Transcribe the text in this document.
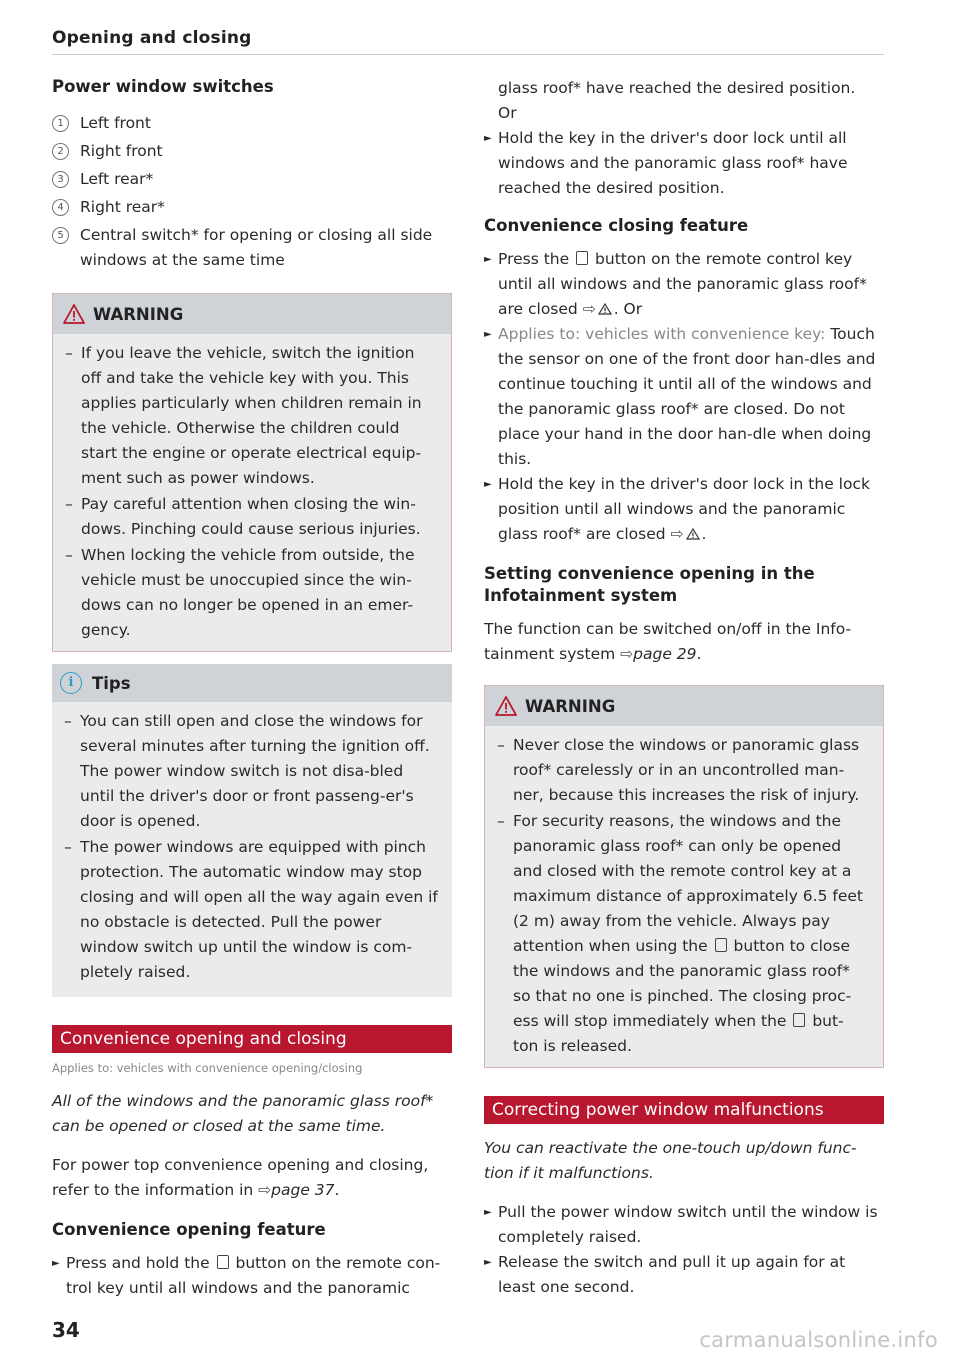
Opening and closing
Power window switches
1	Left front
2	Right front
3	Left rear*
4	Right rear*
5	Central switch* for opening or closing all side windows at the same time
WARNING
– If you leave the vehicle, switch the ignition off and take the vehicle key with you. This applies particularly when children remain in the vehicle. Otherwise the children could start the engine or operate electrical equip-ment such as power windows.
– Pay careful attention when closing the win-dows. Pinching could cause serious injuries.
– When locking the vehicle from outside, the vehicle must be unoccupied since the win-dows can no longer be opened in an emer-gency.
i	Tips
– You can still open and close the windows for several minutes after turning the ignition off. The power window switch is not disa-bled until the driver's door or front passeng-er's door is opened.
– The power windows are equipped with pinch protection. The automatic window may stop closing and will open all the way again even if no obstacle is detected. Pull the power window switch up until the window is com-pletely raised.
Convenience opening and closing
Applies to: vehicles with convenience opening/closing
All of the windows and the panoramic glass roof* can be opened or closed at the same time.
For power top convenience opening and closing, refer to the information in ⇨page 37.
Convenience opening feature
► Press and hold the button on the remote con-trol key until all windows and the panoramic
glass roof* have reached the desired position.
Or
► Hold the key in the driver's door lock until all windows and the panoramic glass roof* have reached the desired position.
Convenience closing feature
► Press the button on the remote control key until all windows and the panoramic glass roof* are closed ⇨ . Or
► Applies to: vehicles with convenience key: Touch the sensor on one of the front door han-dles and continue touching it until all of the windows and the panoramic glass roof* are closed. Do not place your hand in the door han-dle when doing this.
► Hold the key in the driver's door lock in the lock position until all windows and the panoramic glass roof* are closed ⇨ .
Setting convenience opening in the Infotainment system
The function can be switched on/off in the Info-tainment system ⇨page 29.
WARNING
– Never close the windows or panoramic glass roof* carelessly or in an uncontrolled man-ner, because this increases the risk of injury.
– For security reasons, the windows and the panoramic glass roof* can only be opened and closed with the remote control key at a maximum distance of approximately 6.5 feet (2 m) away from the vehicle. Always pay attention when using the button to close the windows and the panoramic glass roof* so that no one is pinched. The closing proc-ess will stop immediately when the but-ton is released.
Correcting power window malfunctions
You can reactivate the one-touch up/down func-tion if it malfunctions.
► Pull the power window switch until the window is completely raised.
► Release the switch and pull it up again for at least one second.
34	carmanualsonline.info
